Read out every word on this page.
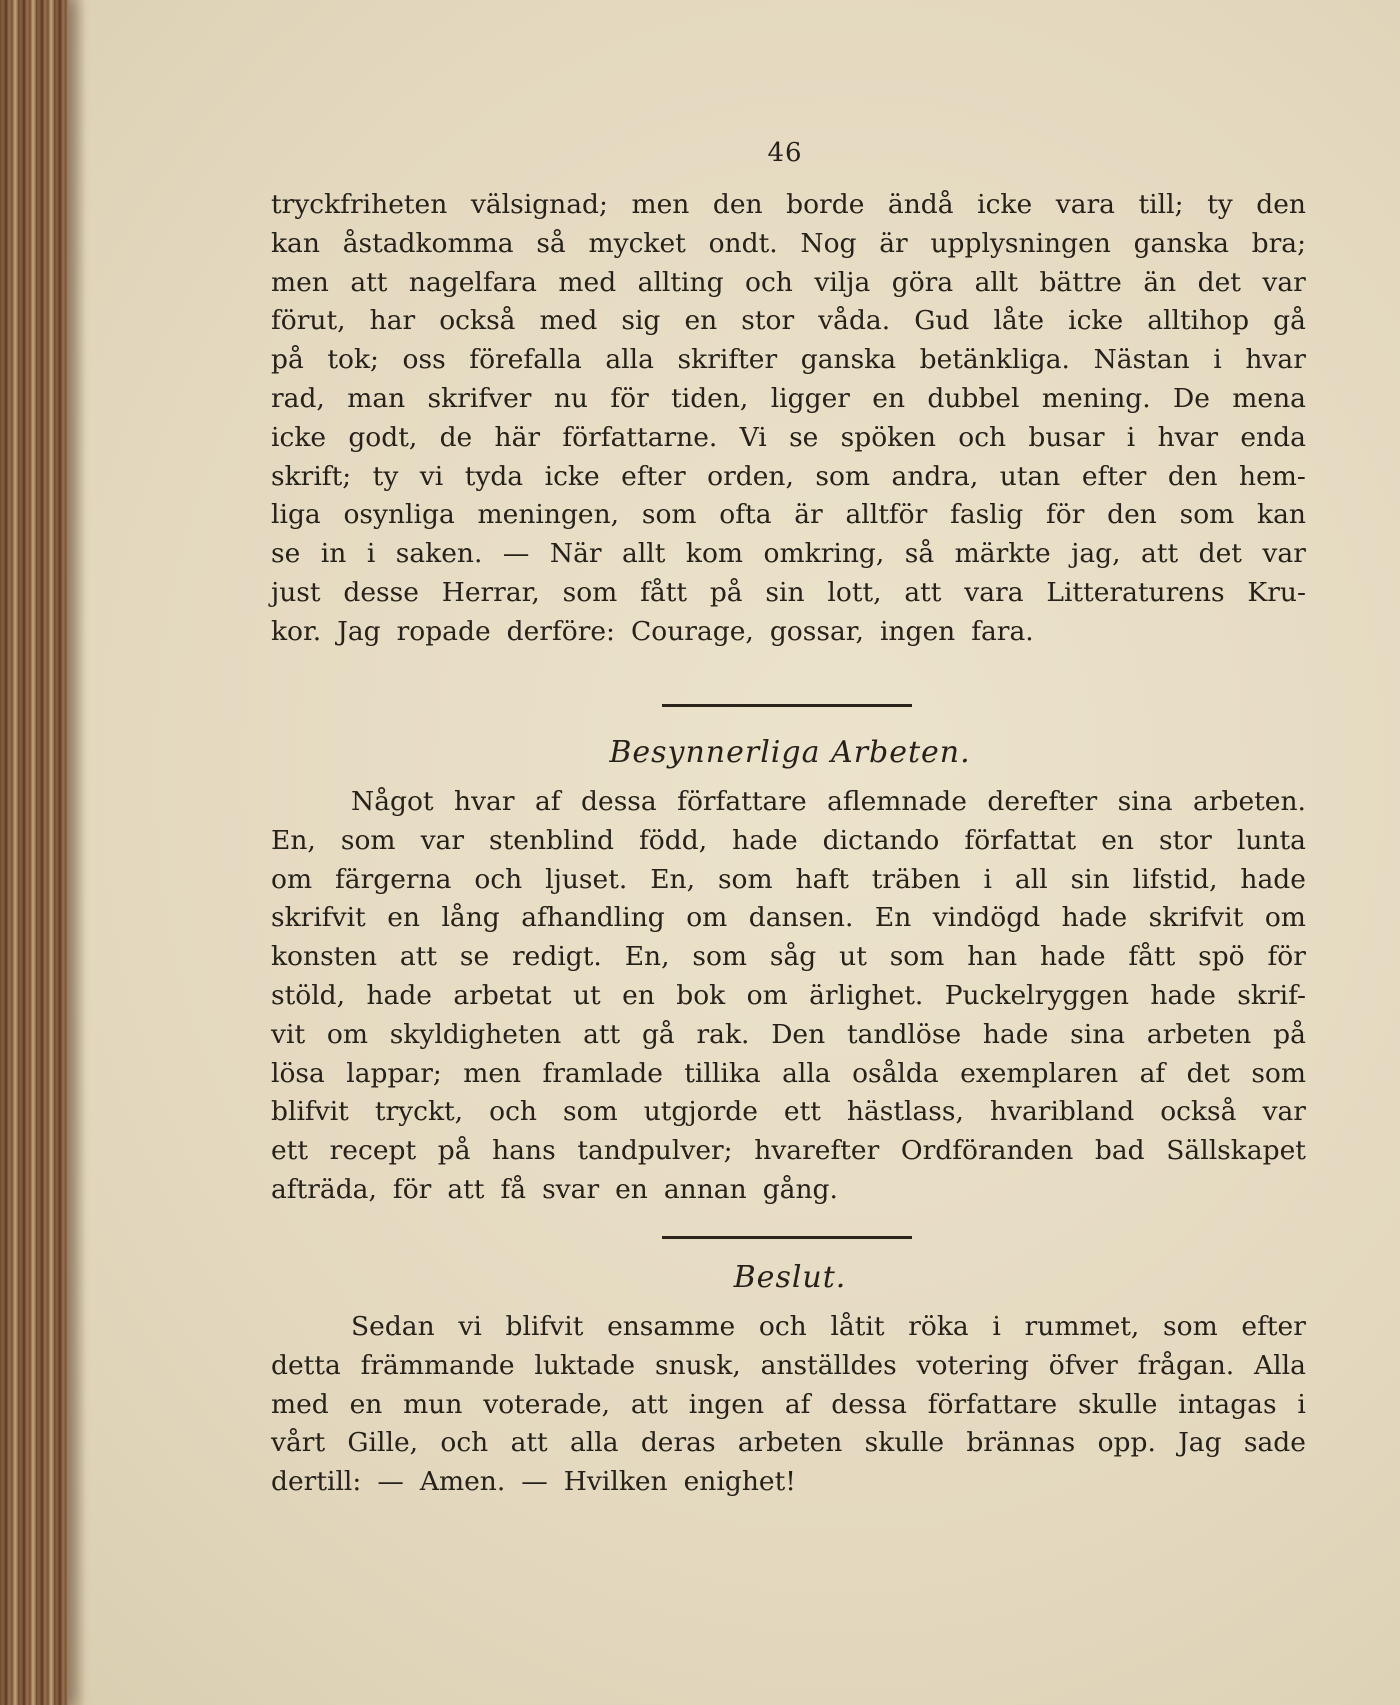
46
tryckfriheten välsignad; men den borde ändå icke vara till; ty den
kan åstadkomma så mycket ondt. Nog är upplysningen ganska bra;
men att nagelfara med allting och vilja göra allt bättre än det var
förut, har också med sig en stor våda. Gud låte icke alltihop gå
på tok; oss förefalla alla skrifter ganska betänkliga. Nästan i hvar
rad, man skrifver nu för tiden, ligger en dubbel mening. De mena
icke godt, de här författarne. Vi se spöken och busar i hvar enda
skrift; ty vi tyda icke efter orden, som andra, utan efter den hem-
liga osynliga meningen, som ofta är alltför faslig för den som kan
se in i saken. — När allt kom omkring, så märkte jag, att det var
just desse Herrar, som fått på sin lott, att vara Litteraturens Kru-
kor. Jag ropade derföre: Courage, gossar, ingen fara.
Besynnerliga Arbeten.
Något hvar af dessa författare aflemnade derefter sina arbeten.
En, som var stenblind född, hade dictando författat en stor lunta
om färgerna och ljuset. En, som haft träben i all sin lifstid, hade
skrifvit en lång afhandling om dansen. En vindögd hade skrifvit om
konsten att se redigt. En, som såg ut som han hade fått spö för
stöld, hade arbetat ut en bok om ärlighet. Puckelryggen hade skrif-
vit om skyldigheten att gå rak. Den tandlöse hade sina arbeten på
lösa lappar; men framlade tillika alla osålda exemplaren af det som
blifvit tryckt, och som utgjorde ett hästlass, hvaribland också var
ett recept på hans tandpulver; hvarefter Ordföranden bad Sällskapet
afträda, för att få svar en annan gång.
Beslut.
Sedan vi blifvit ensamme och låtit röka i rummet, som efter
detta främmande luktade snusk, anställdes votering öfver frågan. Alla
med en mun voterade, att ingen af dessa författare skulle intagas i
vårt Gille, och att alla deras arbeten skulle brännas opp. Jag sade
dertill: — Amen. — Hvilken enighet!
